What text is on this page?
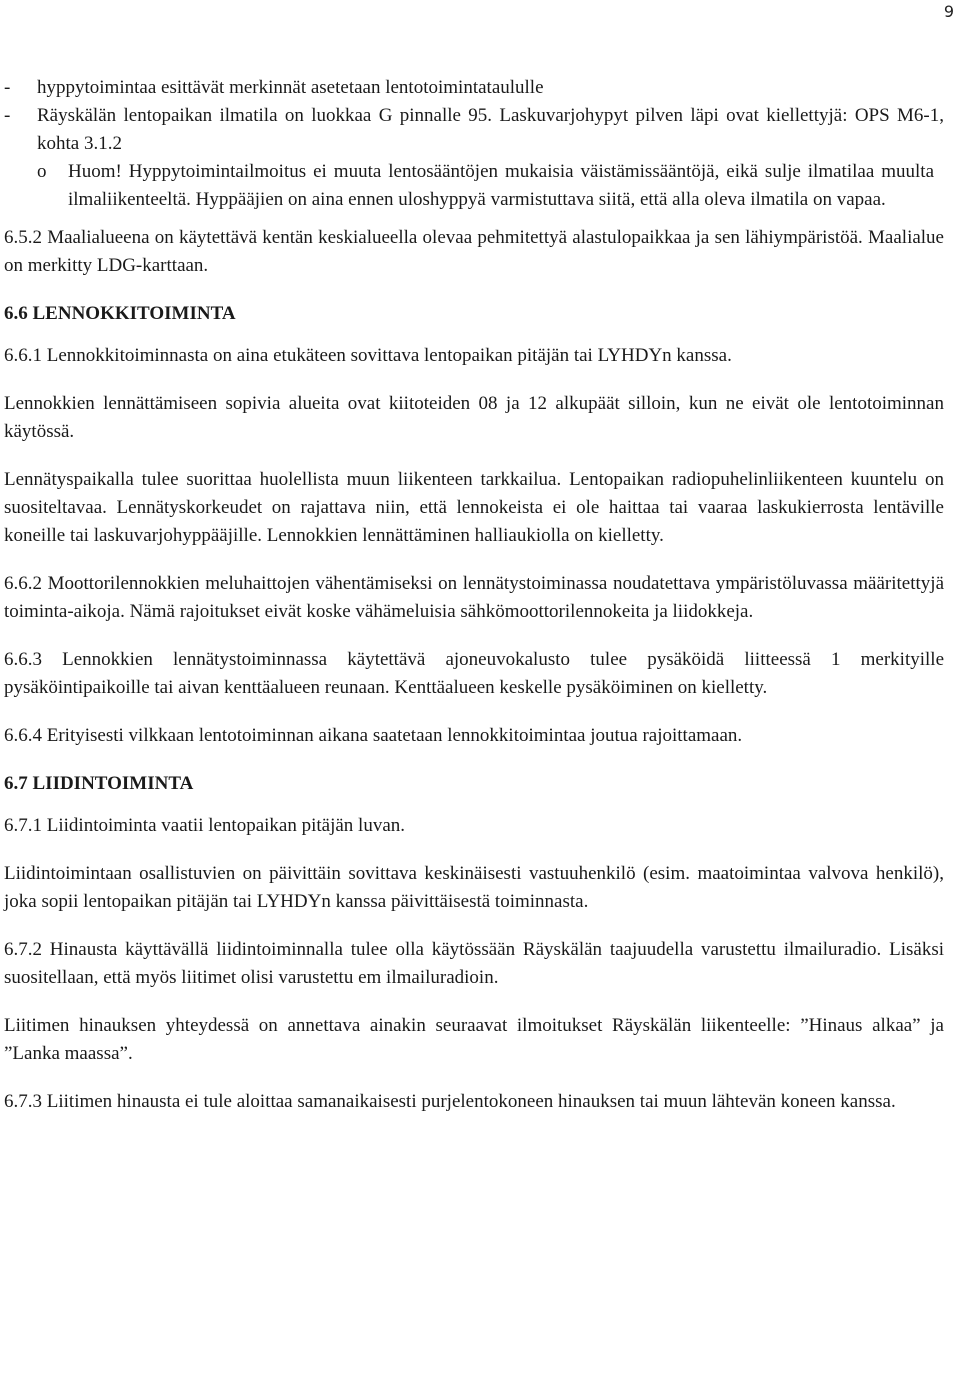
9
-	hyppytoimintaa esittävät merkinnät asetetaan lentotoimintataululle
-	Räyskälän lentopaikan ilmatila on luokkaa G pinnalle 95. Laskuvarjohypyt pilven läpi ovat kiellettyjä: OPS M6-1, kohta 3.1.2
o	Huom! Hyppytoimintailmoitus ei muuta lentosääntöjen mukaisia väistämissääntöjä, eikä sulje ilmatilaa muulta ilmaliikenteeltä. Hyppääjien on aina ennen uloshyppyä varmistuttava siitä, että alla oleva ilmatila on vapaa.

6.5.2 Maalialueena on käytettävä kentän keskialueella olevaa pehmitettyä alastulopaikkaa ja sen lähiympäristöä. Maalialue on merkitty LDG-karttaan.

6.6 LENNOKKITOIMINTA

6.6.1 Lennokkitoiminnasta on aina etukäteen sovittava lentopaikan pitäjän tai LYHDYn kanssa.

Lennokkien lennättämiseen sopivia alueita ovat kiitoteiden 08 ja 12 alkupäät silloin, kun ne eivät ole lentotoiminnan käytössä.

Lennätyspaikalla tulee suorittaa huolellista muun liikenteen tarkkailua. Lentopaikan radiopuhelinliikenteen kuuntelu on suositeltavaa. Lennätyskorkeudet on rajattava niin, että lennokeista ei ole haittaa tai vaaraa laskukierrosta lentäville koneille tai laskuvarjohyppääjille. Lennokkien lennättäminen halliaukiolla on kielletty.

6.6.2 Moottorilennokkien meluhaittojen vähentämiseksi on lennätystoiminassa noudatettava ympäristöluvassa määritettyjä toiminta-aikoja. Nämä rajoitukset eivät koske vähämeluisia sähkömoottorilennokeita ja liidokkeja.

6.6.3 Lennokkien lennätystoiminnassa käytettävä ajoneuvokalusto tulee pysäköidä liitteessä 1 merkityille pysäköintipaikoille tai aivan kenttäalueen reunaan. Kenttäalueen keskelle pysäköiminen on kielletty.

6.6.4 Erityisesti vilkkaan lentotoiminnan aikana saatetaan lennokkitoimintaa joutua rajoittamaan.

6.7 LIIDINTOIMINTA

6.7.1 Liidintoiminta vaatii lentopaikan pitäjän luvan.

Liidintoimintaan osallistuvien on päivittäin sovittava keskinäisesti vastuuhenkilö (esim. maatoimintaa valvova henkilö), joka sopii lentopaikan pitäjän tai LYHDYn kanssa päivittäisestä toiminnasta.

6.7.2 Hinausta käyttävällä liidintoiminnalla tulee olla käytössään Räyskälän taajuudella varustettu ilmailuradio. Lisäksi suositellaan, että myös liitimet olisi varustettu em ilmailuradioin.

Liitimen hinauksen yhteydessä on annettava ainakin seuraavat ilmoitukset Räyskälän liikenteelle: ”Hinaus alkaa” ja ”Lanka maassa”.

6.7.3 Liitimen hinausta ei tule aloittaa samanaikaisesti purjelentokoneen hinauksen tai muun lähtevän koneen kanssa.
